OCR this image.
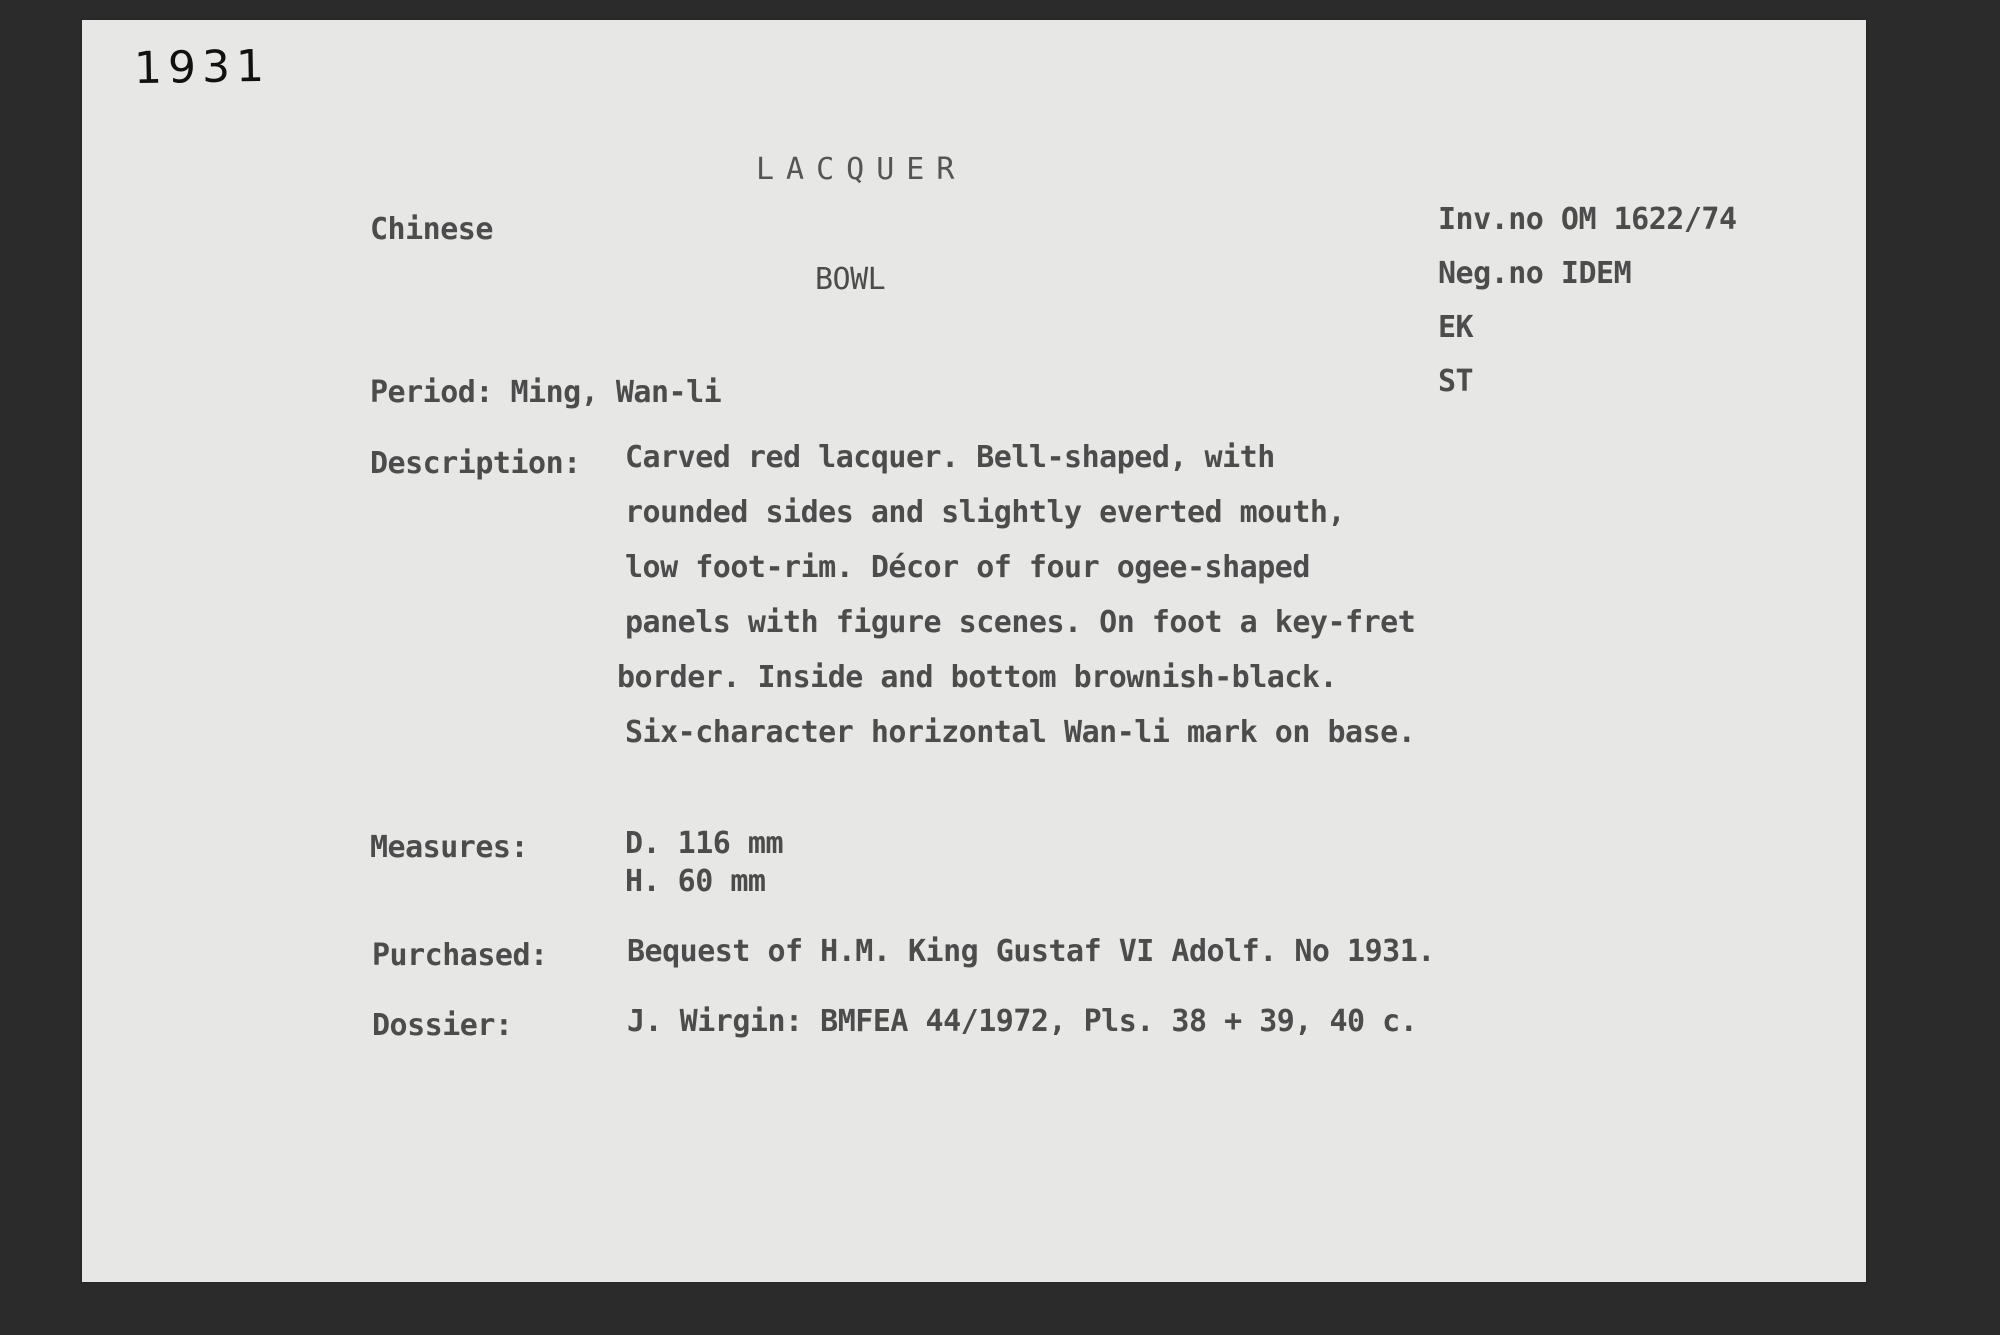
1931
LACQUER
Chinese
BOWL
Inv.no OM 1622/74
Neg.no IDEM
EK
ST
Period: Ming, Wan-li
Description: Carved red lacquer. Bell-shaped, with
rounded sides and slightly everted mouth,
low foot-rim. Décor of four ogee-shaped
panels with figure scenes. On foot a key-fret
border. Inside and bottom brownish-black.
Six-character horizontal Wan-li mark on base.
Measures:	D. 116 mm
H. 60 mm
Purchased:	Bequest of H.M. King Gustaf VI Adolf. No 1931.
Dossier:	J. Wirgin: BMFEA 44/1972, Pls. 38 + 39, 40 c.
